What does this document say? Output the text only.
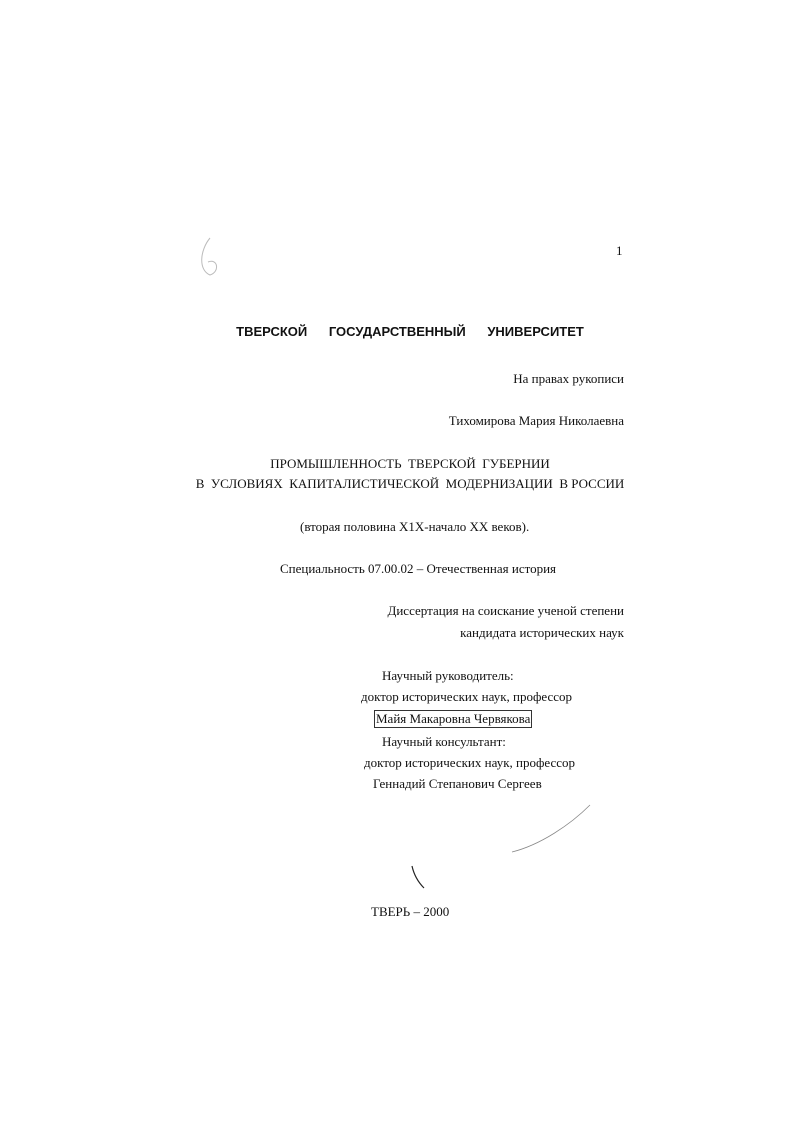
1
ТВЕРСКОЙ ГОСУДАРСТВЕННЫЙ УНИВЕРСИТЕТ
На правах рукописи
Тихомирова Мария Николаевна
ПРОМЫШЛЕННОСТЬ  ТВЕРСКОЙ  ГУБЕРНИИ
В  УСЛОВИЯХ  КАПИТАЛИСТИЧЕСКОЙ  МОДЕРНИЗАЦИИ  В РОССИИ
(вторая половина X1X-начало XX веков).
Специальность 07.00.02 – Отечественная история
Диссертация на соискание ученой степени
кандидата исторических наук
Научный руководитель:
доктор исторических наук, профессор
Майя Макаровна Червякова
Научный консультант:
доктор исторических наук, профессор
Геннадий Степанович Сергеев
ТВЕРЬ – 2000
